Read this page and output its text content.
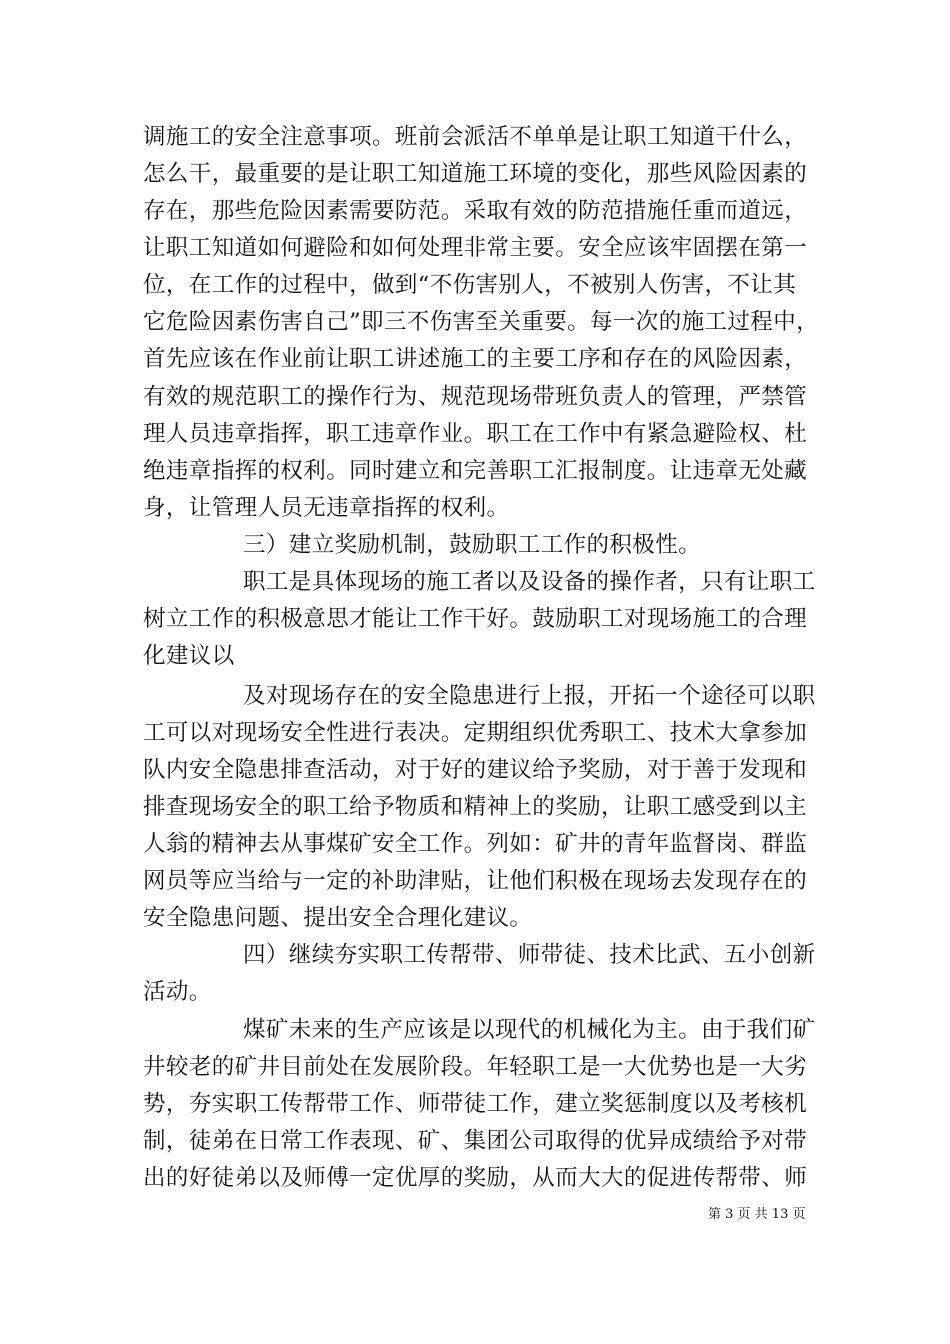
调施工的安全注意事项。班前会派活不单单是让职工知道干什么，
怎么干，最重要的是让职工知道施工环境的变化，那些风险因素的
存在，那些危险因素需要防范。采取有效的防范措施任重而道远，
让职工知道如何避险和如何处理非常主要。安全应该牢固摆在第一
位，在工作的过程中，做到“不伤害别人，不被别人伤害，不让其
它危险因素伤害自己”即三不伤害至关重要。每一次的施工过程中，
首先应该在作业前让职工讲述施工的主要工序和存在的风险因素，
有效的规范职工的操作行为、规范现场带班负责人的管理，严禁管
理人员违章指挥，职工违章作业。职工在工作中有紧急避险权、杜
绝违章指挥的权利。同时建立和完善职工汇报制度。让违章无处藏
身，让管理人员无违章指挥的权利。
三）建立奖励机制，鼓励职工工作的积极性。
职工是具体现场的施工者以及设备的操作者，只有让职工
树立工作的积极意思才能让工作干好。鼓励职工对现场施工的合理
化建议以
及对现场存在的安全隐患进行上报，开拓一个途径可以职
工可以对现场安全性进行表决。定期组织优秀职工、技术大拿参加
队内安全隐患排查活动，对于好的建议给予奖励，对于善于发现和
排查现场安全的职工给予物质和精神上的奖励，让职工感受到以主
人翁的精神去从事煤矿安全工作。列如：矿井的青年监督岗、群监
网员等应当给与一定的补助津贴，让他们积极在现场去发现存在的
安全隐患问题、提出安全合理化建议。
四）继续夯实职工传帮带、师带徒、技术比武、五小创新
活动。
煤矿未来的生产应该是以现代的机械化为主。由于我们矿
井较老的矿井目前处在发展阶段。年轻职工是一大优势也是一大劣
势，夯实职工传帮带工作、师带徒工作，建立奖惩制度以及考核机
制，徒弟在日常工作表现、矿、集团公司取得的优异成绩给予对带
出的好徒弟以及师傅一定优厚的奖励，从而大大的促进传帮带、师
第 3 页 共 13 页
